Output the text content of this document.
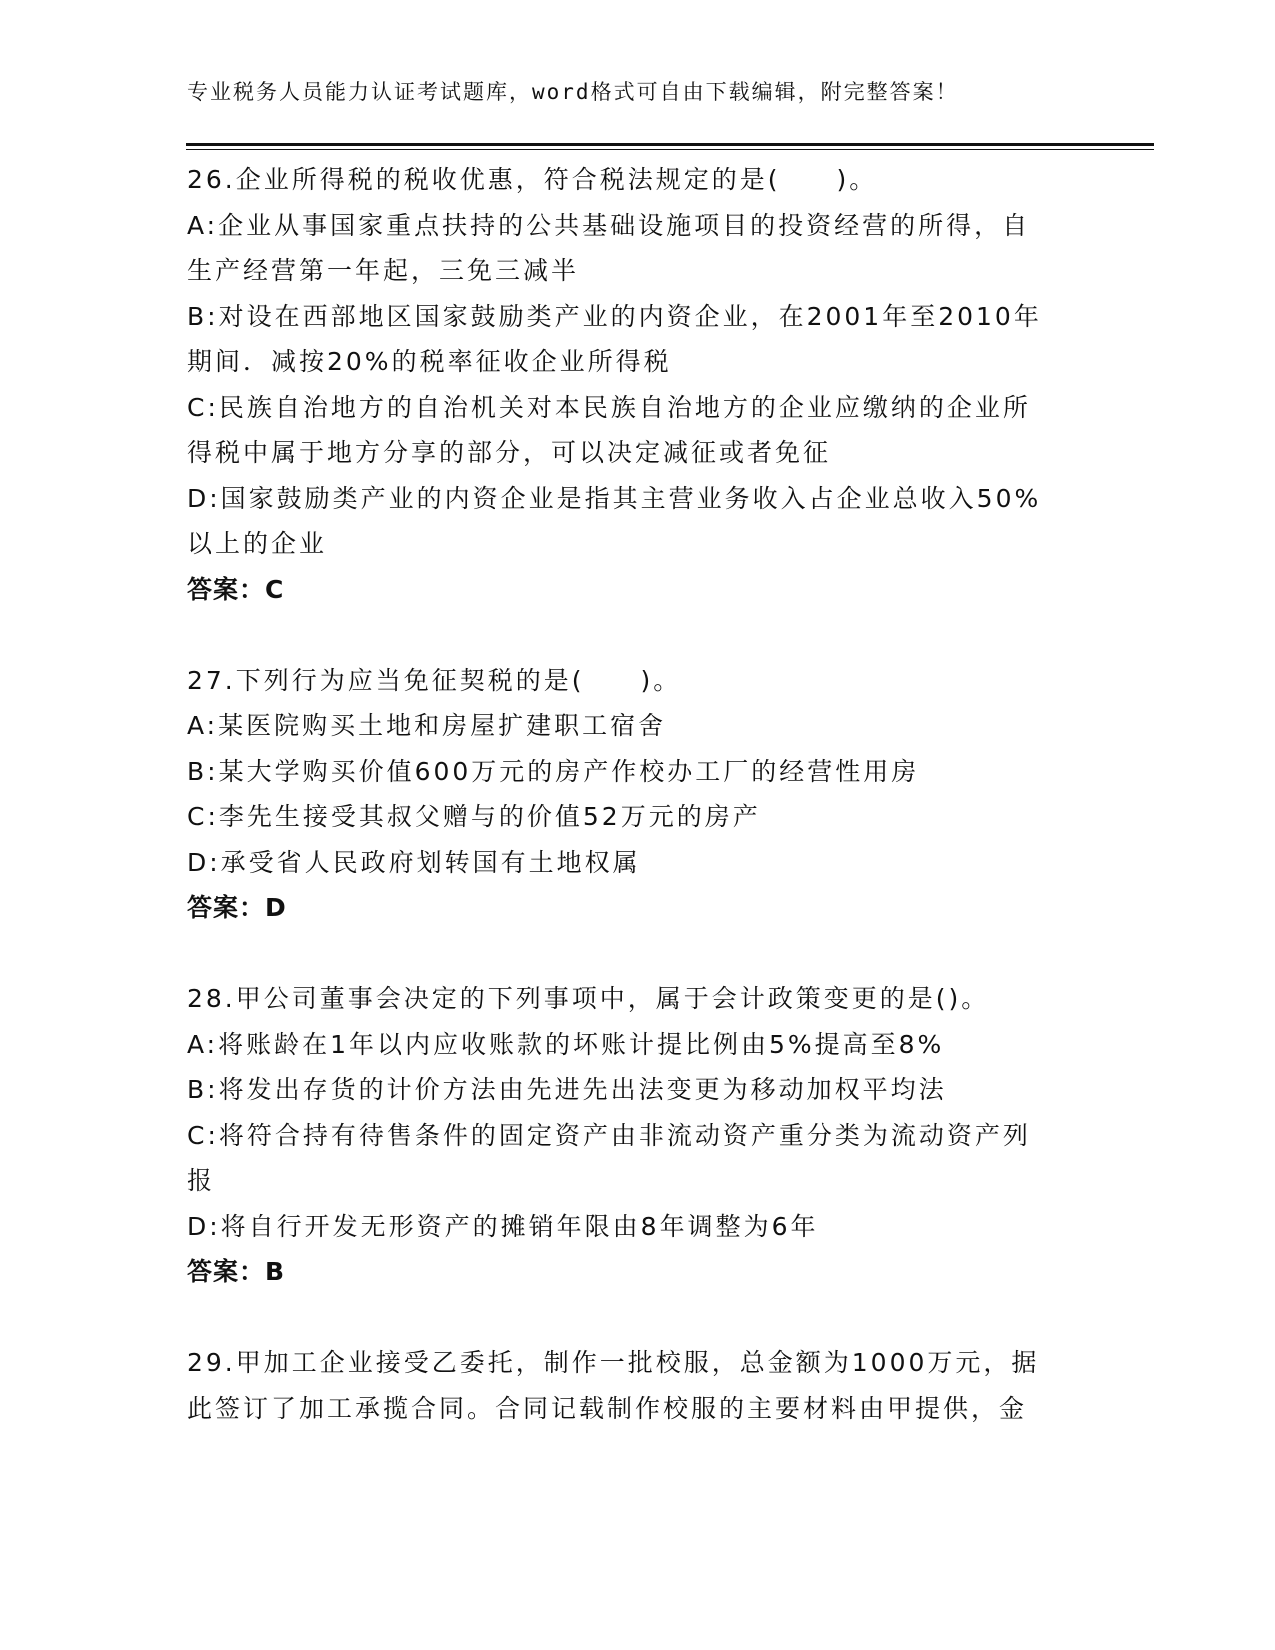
专业税务人员能力认证考试题库，word格式可自由下载编辑，附完整答案！
26.企业所得税的税收优惠，符合税法规定的是(　　)。
A:企业从事国家重点扶持的公共基础设施项目的投资经营的所得，自
生产经营第一年起，三免三减半
B:对设在西部地区国家鼓励类产业的内资企业，在2001年至2010年
期间．减按20%的税率征收企业所得税
C:民族自治地方的自治机关对本民族自治地方的企业应缴纳的企业所
得税中属于地方分享的部分，可以决定减征或者免征
D:国家鼓励类产业的内资企业是指其主营业务收入占企业总收入50%
以上的企业
答案：C
27.下列行为应当免征契税的是(　　)。
A:某医院购买土地和房屋扩建职工宿舍
B:某大学购买价值600万元的房产作校办工厂的经营性用房
C:李先生接受其叔父赠与的价值52万元的房产
D:承受省人民政府划转国有土地权属
答案：D
28.甲公司董事会决定的下列事项中，属于会计政策变更的是()。
A:将账龄在1年以内应收账款的坏账计提比例由5%提高至8%
B:将发出存货的计价方法由先进先出法变更为移动加权平均法
C:将符合持有待售条件的固定资产由非流动资产重分类为流动资产列
报
D:将自行开发无形资产的摊销年限由8年调整为6年
答案：B
29.甲加工企业接受乙委托，制作一批校服，总金额为1000万元，据
此签订了加工承揽合同。合同记载制作校服的主要材料由甲提供，金
